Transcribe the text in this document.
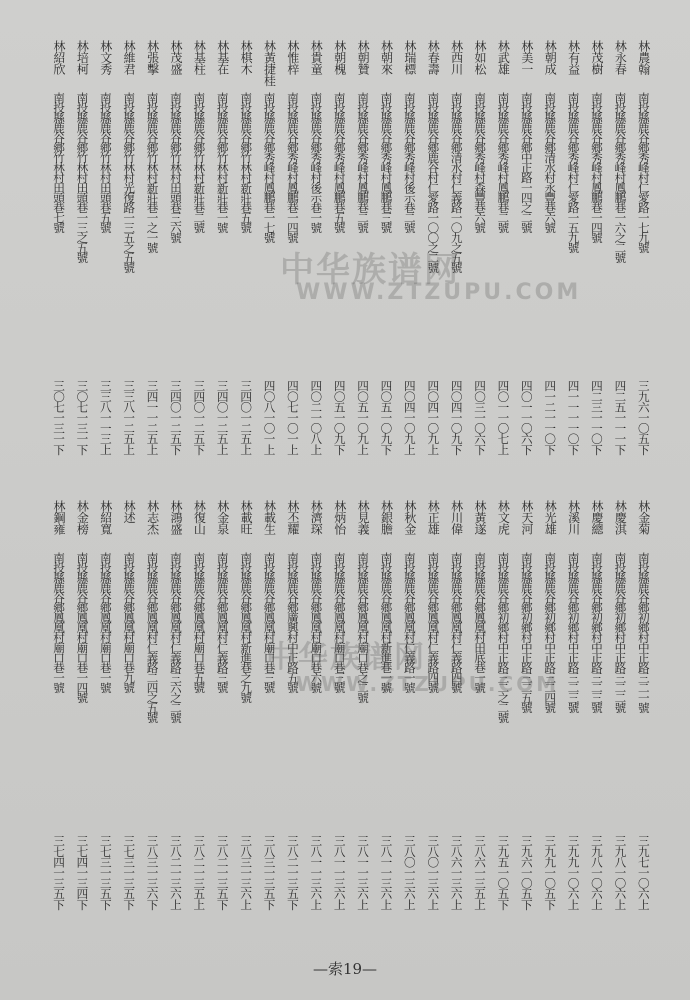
林農翰
南投縣鹿谷鄉秀峰村仁愛路一七九號
三九六一〇五下
林永春
南投縣鹿谷鄉秀峰村鳳鵬巷一六之二號
四二五一一一下
林茂樹
南投縣鹿谷鄉秀峰村鳳鵬巷一四號
四二三一一〇下
林有益
南投縣鹿谷鄉秀峰村仁愛路一五九號
四一一一一〇下
林朝成
南投縣鹿谷鄉清水村永豐巷六號
四一二一一〇下
林美一
南投縣鹿谷鄉中正路一四之二號
四〇一一〇六下
林武雄
南投縣鹿谷鄉秀峰村鳳鵬巷二號
四〇一一〇七上
林如松
南投縣鹿谷鄉秀峰村森豐巷六號
四〇三一〇六下
林西川
南投縣鹿谷鄉清水村仁義路一〇九之五號
四〇四一〇九下
林春壽
南投縣鹿谷鄉鹿谷村仁愛路一〇〇之二號
四〇四一〇九上
林瑞標
南投縣鹿谷鄉秀峰村後示巷二號
四〇四一〇九上
林朝來
南投縣鹿谷鄉秀峰村鳳鵬巷三號
四〇五一〇九下
林朝贊
南投縣鹿谷鄉秀峰村鳳鵬巷二號
四〇五一〇九上
林朝槐
南投縣鹿谷鄉秀峰村鳳鵬巷五號
四〇五一〇九下
林貴童
南投縣鹿谷鄉秀峰村後示巷一號
四〇二一〇八上
林惟梓
南投縣鹿谷鄉秀峰村鳳鵬巷一四號
四〇七一〇一上
林黃捷桂
南投縣鹿谷鄉秀峰村鳳鵬巷一七號
四〇八一〇一上
林棋木
南投縣鹿谷鄉竹林村新莊巷五號
三四〇一二五上
林基在
南投縣鹿谷鄉竹林村新莊巷一號
三四〇一二五上
林基柱
南投縣鹿谷鄉竹林村新莊巷二號
三四〇一二五下
林茂盛
南投縣鹿谷鄉竹林村田頭巷三六號
三四〇一二五下
林張擊
南投縣鹿谷鄉竹林村新莊巷一之一號
三四一一二五上
林維君
南投縣鹿谷鄉竹林村光復路一三五之五號
三三八一二五上
林文秀
南投縣鹿谷鄉竹林村田頭巷五號
三三八一一三上
林培柯
南投縣鹿谷鄉竹林村田頭巷一三之五號
三〇七一三一下
林紹欣
南投縣鹿谷鄉竹林村田頭巷七號
三〇七一三一下
林金菊
南投縣鹿谷鄉初鄉村中正路三二一號
三九七一〇六上
林慶淇
南投縣鹿谷鄉初鄉村中正路三二二號
三九八一〇六上
林慶總
南投縣鹿谷鄉初鄉村中正路三二三號
三九八一〇六上
林溪川
南投縣鹿谷鄉初鄉村中正路三二三號
三九九一〇六上
林光雄
南投縣鹿谷鄉初鄉村中正路三二四號
三九九一〇五下
林天河
南投縣鹿谷鄉初鄉村中正路三二五號
三九六一〇五下
林文虎
南投縣鹿谷鄉初鄉村中正路三二之二號
三九五一〇五下
林黃遂
南投縣鹿谷鄉鳳凰村田底巷一號
三八六一三五上
林川偉
南投縣鹿谷鄉鳳凰村仁義路四號
三八六一三六上
林正雄
南投縣鹿谷鄉鳳凰村仁義路四號
三八〇一三六上
林秋金
南投縣鹿谷鄉鳳凰村仁義路一號
三八〇一三六上
林銀膽
南投縣鹿谷鄉鳳凰村新進巷一號
三八一一三六上
林見義
南投縣鹿谷鄉鳳凰村廟口巷之二號
三八一一三六上
林炳怡
南投縣鹿谷鄉鳳凰村廟口巷三號
三八一一三六上
林濟琛
南投縣鹿谷鄉鳳凰村廟口巷六號
三八一一三六上
林丕耀
南投縣鹿谷鄉廣興村中正路五號
三八二一三五下
林載生
南投縣鹿谷鄉鳳凰村廟口巷三號
三八三一三五下
林載旺
南投縣鹿谷鄉鳳凰村新進巷之九號
三八三一三六上
林金泉
南投縣鹿谷鄉鳳凰村仁義路三號
三八二一三五下
林復山
南投縣鹿谷鄉鳳凰村廟口巷五號
三八二一三五上
林鴻盛
南投縣鹿谷鄉鳳凰村仁義路三六之二號
三八二一三六上
林志杰
南投縣鹿谷鄉鳳凰村仁義路二四之五號
三八三一三六下
林述
南投縣鹿谷鄉鳳凰村廟口巷九號
三七三一三五下
林紹寬
南投縣鹿谷鄉鳳凰村廟口巷一號
三七三一三五下
林金榜
南投縣鹿谷鄉鳳凰村廟口巷一四號
三七四一三四下
林鋼雍
南投縣鹿谷鄉鳳凰村廟口巷一號
三七四一三五下
中华族谱网
WWW.ZTZUPU.COM
中华族谱网
WWW.ZTZUPU.COM
—索19—
